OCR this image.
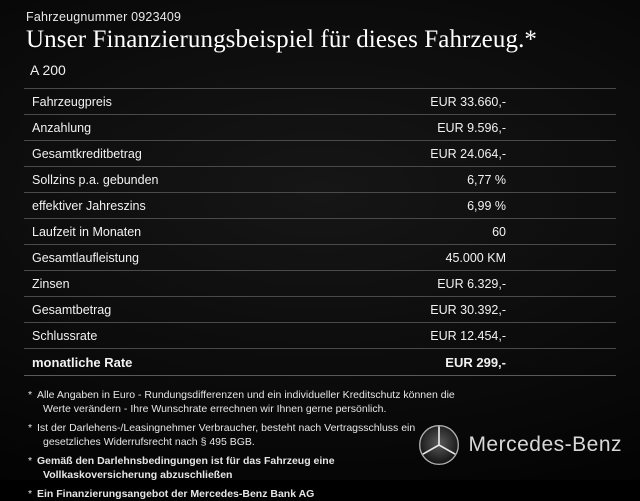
Fahrzeugnummer 0923409
Unser Finanzierungsbeispiel für dieses Fahrzeug.*
A 200
Fahrzeugpreis	EUR 33.660,-
Anzahlung	EUR 9.596,-
Gesamtkreditbetrag	EUR 24.064,-
Sollzins p.a. gebunden	6,77 %
effektiver Jahreszins	6,99 %
Laufzeit in Monaten	60
Gesamtlaufleistung	45.000 KM
Zinsen	EUR 6.329,-
Gesamtbetrag	EUR 30.392,-
Schlussrate	EUR 12.454,-
monatliche Rate	EUR 299,-
* Alle Angaben in Euro - Rundungsdifferenzen und ein individueller Kreditschutz können die
Werte verändern - Ihre Wunschrate errechnen wir Ihnen gerne persönlich.
* Ist der Darlehens-/Leasingnehmer Verbraucher, besteht nach Vertragsschluss ein
gesetzliches Widerrufsrecht nach § 495 BGB.
* Gemäß den Darlehnsbedingungen ist für das Fahrzeug eine
Vollkaskoversicherung abzuschließen
* Ein Finanzierungsangebot der Mercedes-Benz Bank AG
Mercedes-Benz
